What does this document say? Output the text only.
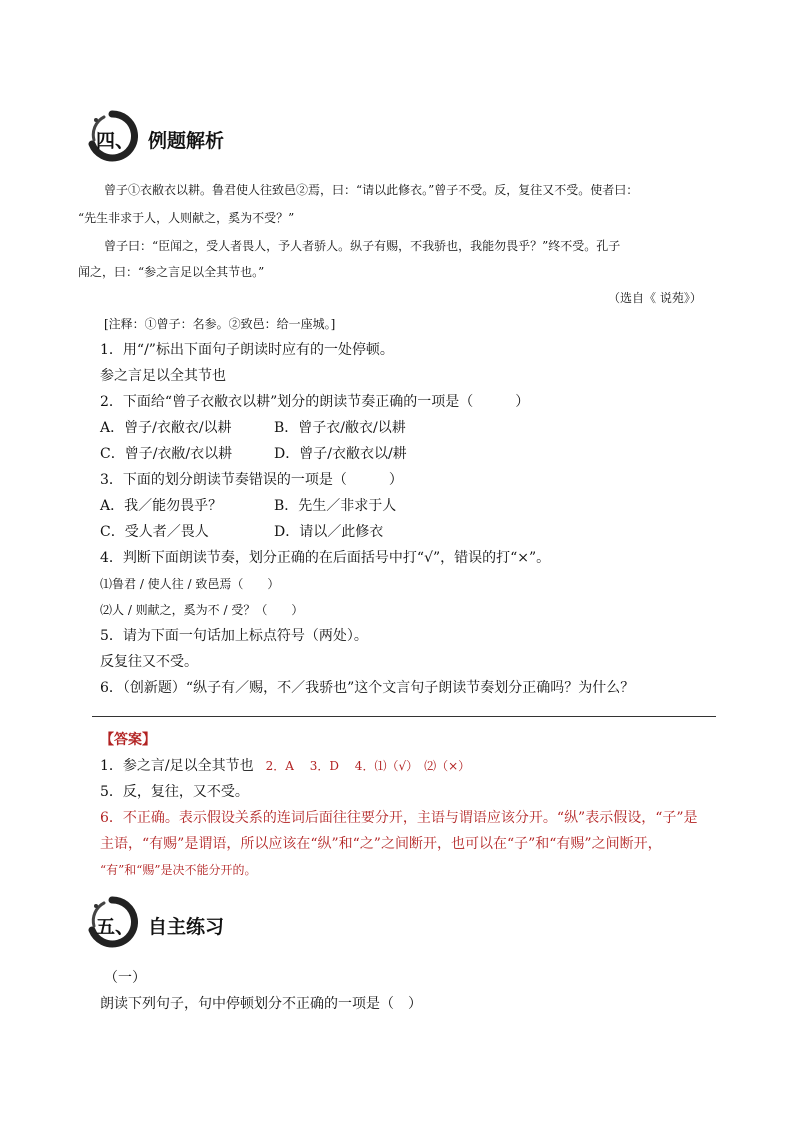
四、 例题解析
曾子①衣敝衣以耕。鲁君使人往致邑②焉，曰：“请以此修衣。”曾子不受。反，复往又不受。使者曰：
“先生非求于人，人则献之，奚为不受？”
曾子曰：“臣闻之，受人者畏人，予人者骄人。纵子有赐，不我骄也，我能勿畏乎？”终不受。孔子
闻之，曰：“参之言足以全其节也。”
（选自《 说苑》）
[注释：①曾子：名参。②致邑：给一座城。]
1．用“/”标出下面句子朗读时应有的一处停顿。
参之言足以全其节也
2．下面给“曾子衣敝衣以耕”划分的朗读节奏正确的一项是（　　　）
A．曾子/衣敝衣/以耕	B．曾子衣/敝衣/以耕
C．曾子/衣敝/衣以耕	D．曾子/衣敝衣以/耕
3．下面的划分朗读节奏错误的一项是（　　　）
A．我／能勿畏乎？	B．先生／非求于人
C．受人者／畏人	D．请以／此修衣
4．判断下面朗读节奏，划分正确的在后面括号中打“√”，错误的打“×”。
⑴鲁君 / 使人往 / 致邑焉（　　）
⑵人 / 则献之，奚为不 / 受？（　　）
5．请为下面一句话加上标点符号（两处）。
反复往又不受。
6．（创新题）“纵子有／赐，不／我骄也”这个文言句子朗读节奏划分正确吗？为什么？
【答案】
1．参之言/足以全其节也　2．A　 3．D　 4．⑴（√）　⑵（×）
5．反，复往，又不受。
6．不正确。表示假设关系的连词后面往往要分开，主语与谓语应该分开。“纵”表示假设，“子”是
主语，“有赐”是谓语，所以应该在“纵”和“之”之间断开，也可以在“子”和“有赐”之间断开，
“有”和“赐”是决不能分开的。
五、 自主练习
（一）
朗读下列句子，句中停顿划分不正确的一项是（　）
